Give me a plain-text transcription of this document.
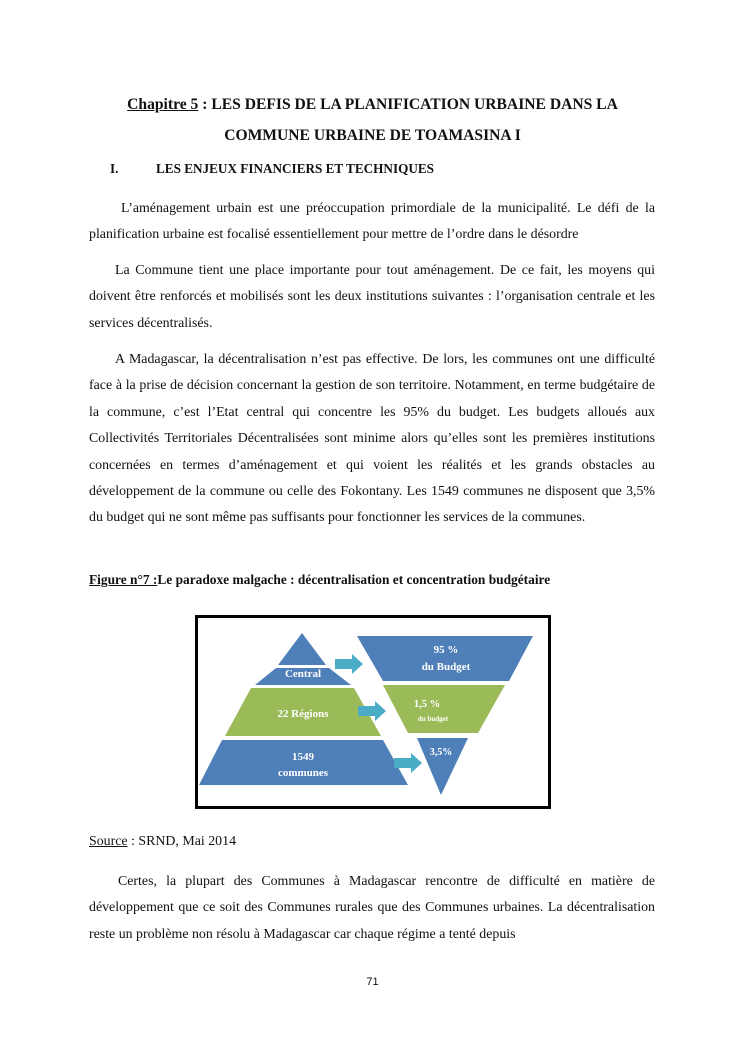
Chapitre 5 : LES DEFIS DE LA PLANIFICATION URBAINE DANS LA
COMMUNE URBAINE DE TOAMASINA I
I.	LES ENJEUX FINANCIERS ET TECHNIQUES

L’aménagement urbain est une préoccupation primordiale de la municipalité. Le défi de la planification urbaine est focalisé essentiellement pour mettre de l’ordre dans le désordre

La Commune tient une place importante pour tout aménagement. De ce fait, les moyens qui doivent être renforcés et mobilisés sont les deux institutions suivantes : l’organisation centrale et les services décentralisés.

A Madagascar, la décentralisation n’est pas effective. De lors, les communes ont une difficulté face à la prise de décision concernant la gestion de son territoire. Notamment, en terme budgétaire de la commune, c’est l’Etat central qui concentre les 95% du budget. Les budgets alloués aux Collectivités Territoriales Décentralisées sont minime alors qu’elles sont les premières institutions concernées en termes d’aménagement et qui voient les réalités et les grands obstacles au développement de la commune ou celle des Fokontany. Les 1549 communes ne disposent que 3,5% du budget qui ne sont même pas suffisants pour fonctionner les services de la communes.

Figure n°7 :Le paradoxe malgache : décentralisation et concentration budgétaire
Central
22 Régions
1549
communes
95 %
du Budget
1,5 %
du budget
3,5%
Source : SRND, Mai 2014

Certes, la plupart des Communes à Madagascar rencontre de difficulté en matière de développement que ce soit des Communes rurales que des Communes urbaines. La décentralisation reste un problème non résolu à Madagascar car chaque régime a tenté depuis

71
